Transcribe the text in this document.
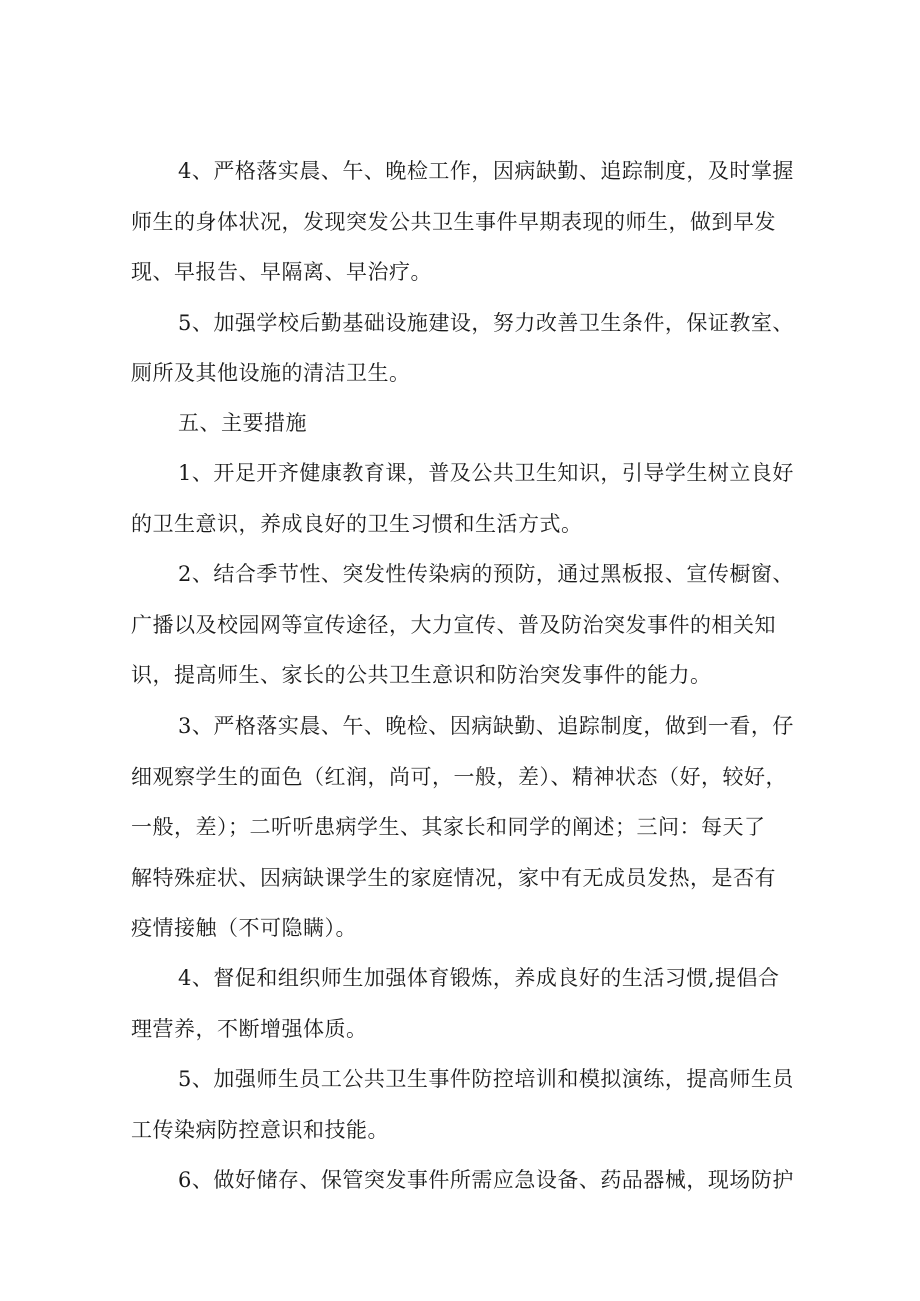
4、严格落实晨、午、晚检工作，因病缺勤、追踪制度，及时掌握
师生的身体状况，发现突发公共卫生事件早期表现的师生，做到早发
现、早报告、早隔离、早治疗。
5、加强学校后勤基础设施建设，努力改善卫生条件，保证教室、
厕所及其他设施的清洁卫生。
五、主要措施
1、开足开齐健康教育课，普及公共卫生知识，引导学生树立良好
的卫生意识，养成良好的卫生习惯和生活方式。
2、结合季节性、突发性传染病的预防，通过黑板报、宣传橱窗、
广播以及校园网等宣传途径，大力宣传、普及防治突发事件的相关知
识，提高师生、家长的公共卫生意识和防治突发事件的能力。
3、严格落实晨、午、晚检、因病缺勤、追踪制度，做到一看，仔
细观察学生的面色（红润，尚可，一般，差）、精神状态（好，较好，
一般，差）；二听听患病学生、其家长和同学的阐述；三问：每天了
解特殊症状、因病缺课学生的家庭情况，家中有无成员发热，是否有
疫情接触（不可隐瞒）。
4、督促和组织师生加强体育锻炼，养成良好的生活习惯,提倡合
理营养，不断增强体质。
5、加强师生员工公共卫生事件防控培训和模拟演练，提高师生员
工传染病防控意识和技能。
6、做好储存、保管突发事件所需应急设备、药品器械，现场防护
